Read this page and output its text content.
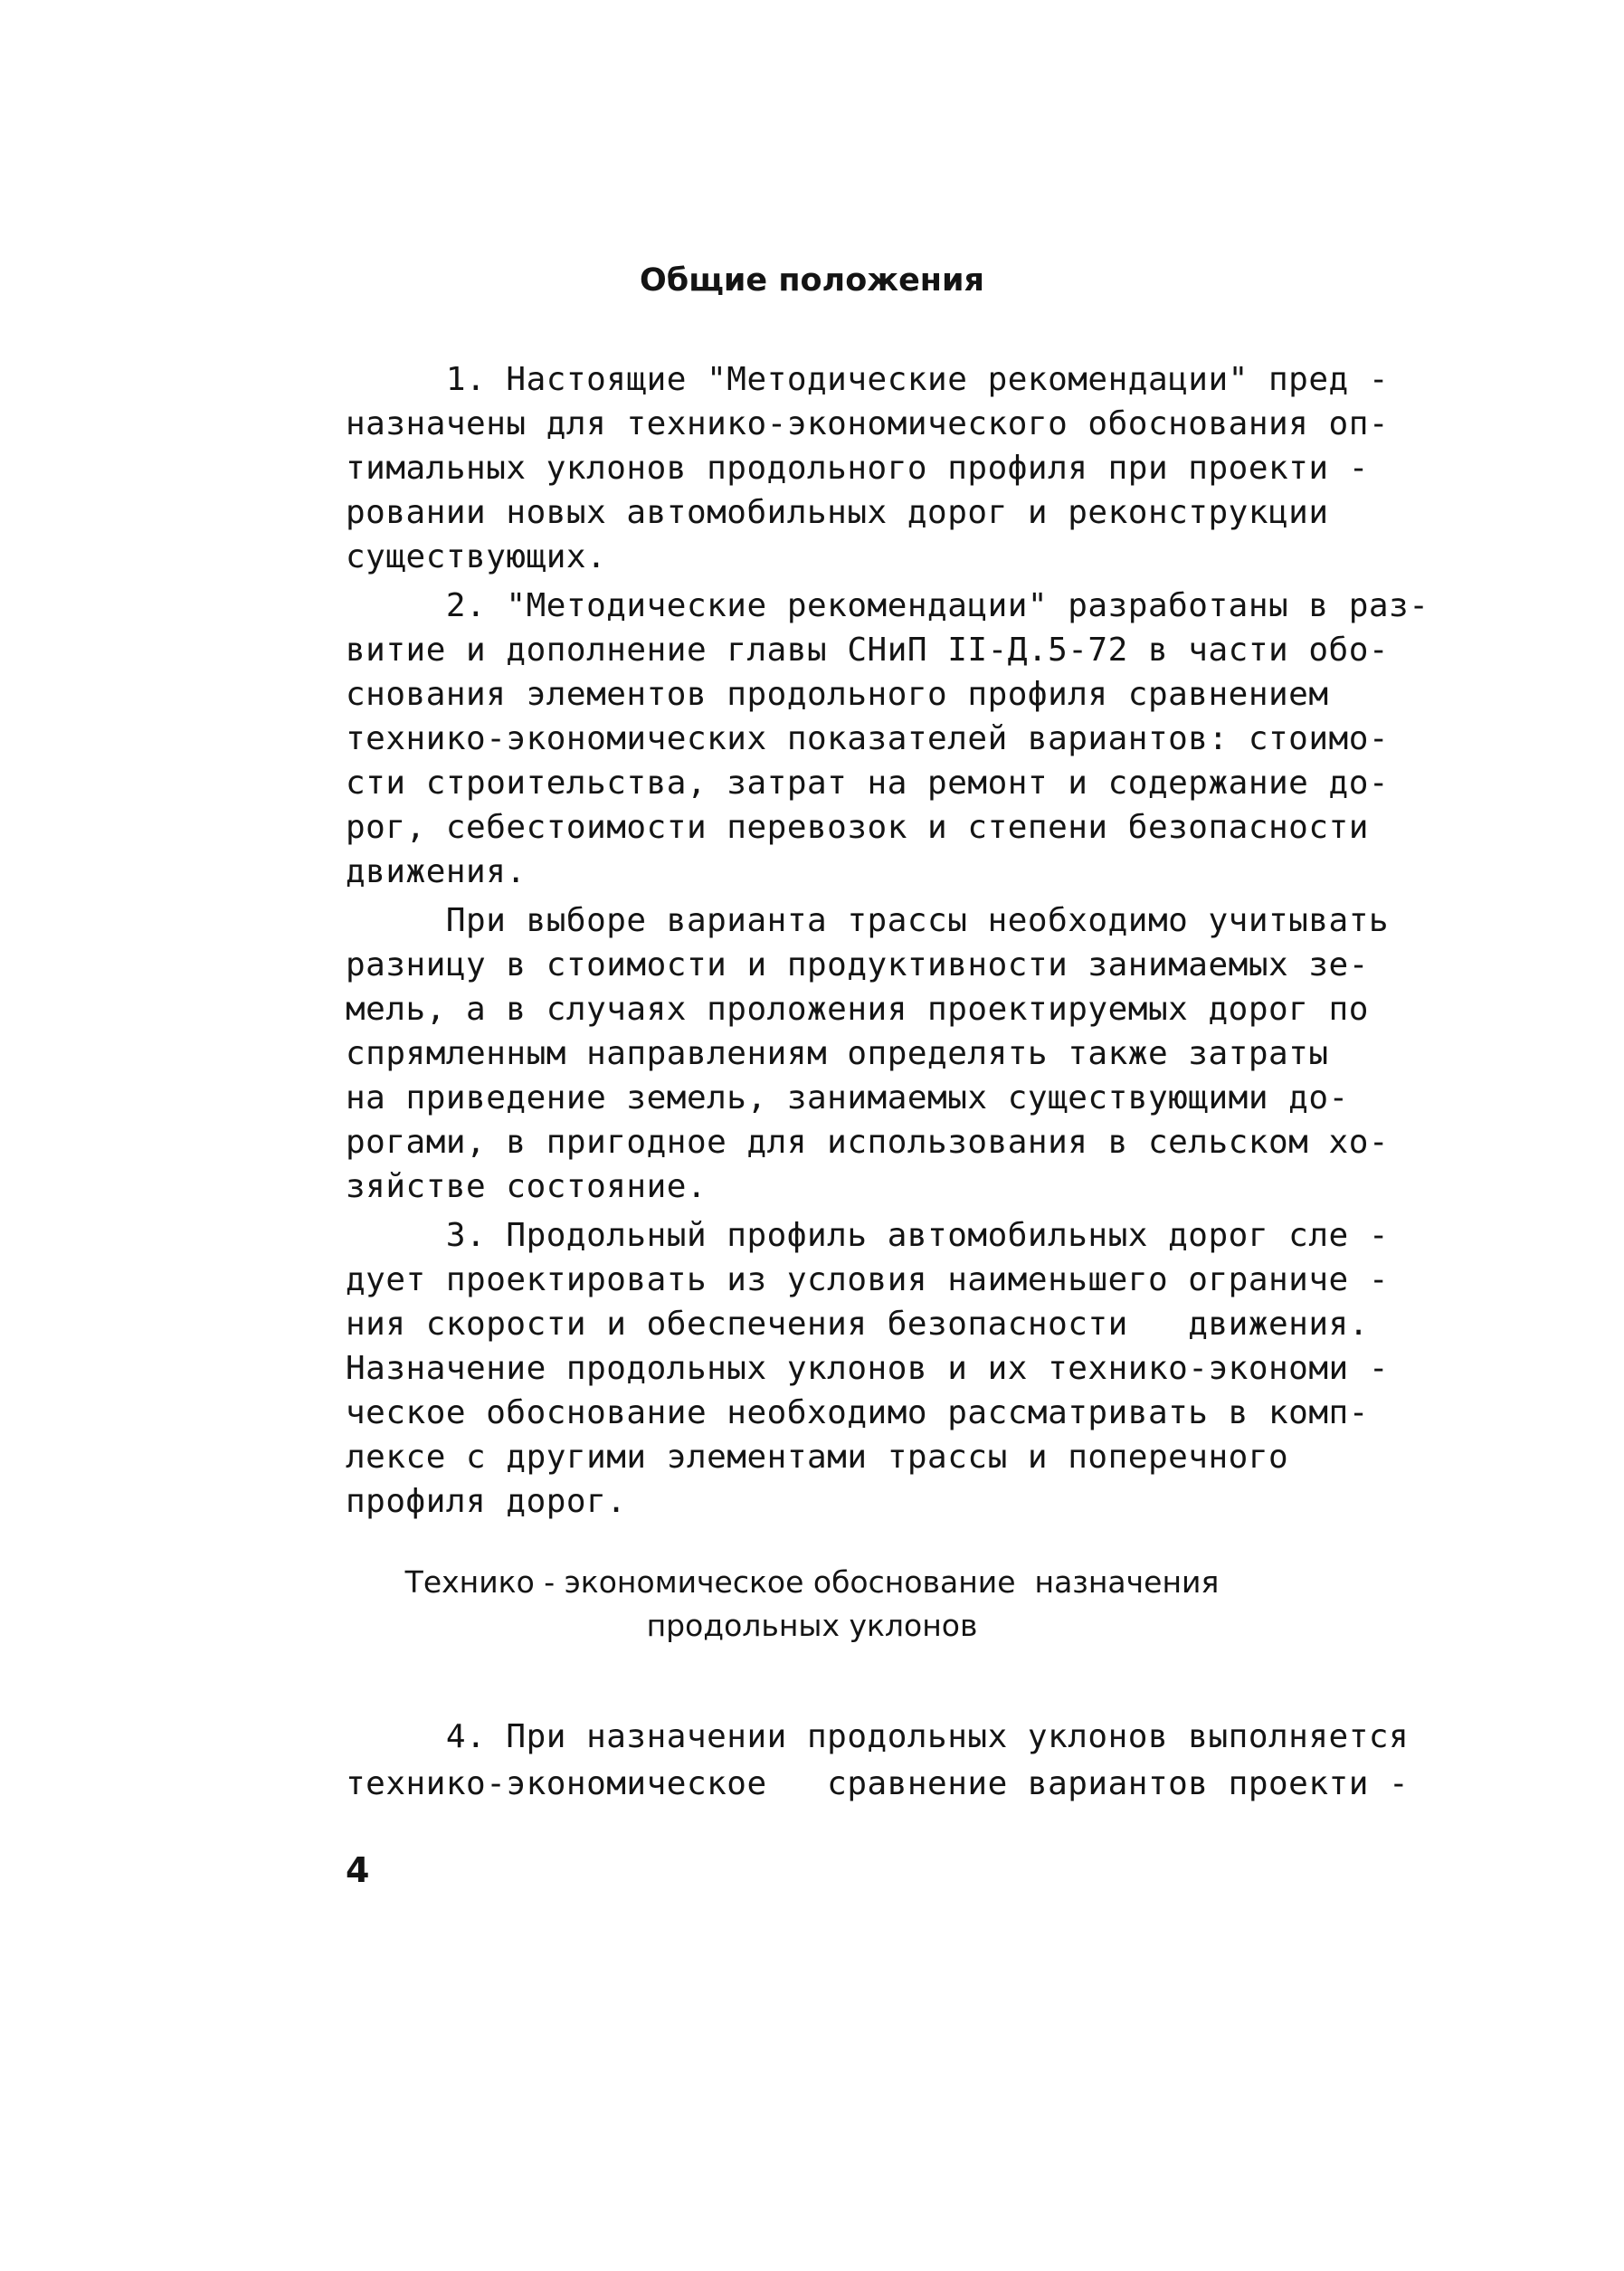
Общие положения
1. Настоящие "Методические рекомендации" пред -
назначены для технико-экономического обоснования оп-
тимальных уклонов продольного профиля при проекти -
ровании новых автомобильных дорог и реконструкции
существующих.
2. "Методические рекомендации" разработаны в раз-
витие и дополнение главы СНиП II-Д.5-72 в части обо-
снования элементов продольного профиля сравнением
технико-экономических показателей вариантов: стоимо-
сти строительства, затрат на ремонт и содержание до-
рог, себестоимости перевозок и степени безопасности
движения.
При выборе варианта трассы необходимо учитывать
разницу в стоимости и продуктивности занимаемых зе-
мель, а в случаях проложения проектируемых дорог по
спрямленным направлениям определять также затраты
на приведение земель, занимаемых существующими до-
рогами, в пригодное для использования в сельском хо-
зяйстве состояние.
3. Продольный профиль автомобильных дорог сле -
дует проектировать из условия наименьшего ограниче -
ния скорости и обеспечения безопасности   движения.
Назначение продольных уклонов и их технико-экономи -
ческое обоснование необходимо рассматривать в комп-
лексе с другими элементами трассы и поперечного
профиля дорог.
Технико - экономическое обоснование  назначения
продольных уклонов
4. При назначении продольных уклонов выполняется
технико-экономическое   сравнение вариантов проекти -
4
